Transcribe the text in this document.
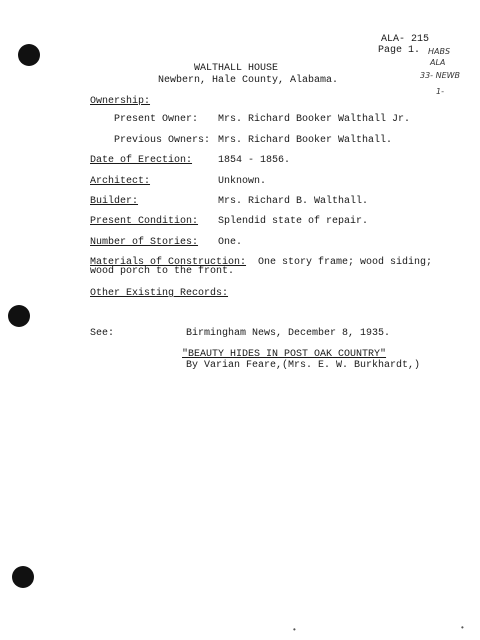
ALA- 215
Page 1. HABS
ALA
33- NEWB
1-
WALTHALL HOUSE
Newbern, Hale County, Alabama.
Ownership:
Present Owner: Mrs. Richard Booker Walthall Jr.
Previous Owners: Mrs. Richard Booker Walthall.
Date of Erection:	1854 - 1856.
Architect:	Unknown.
Builder:	Mrs. Richard B. Walthall.
Present Condition: Splendid state of repair.
Number of Stories: One.
Materials of Construction: One story frame; wood siding;
wood porch to the front.
Other Existing Records:
See:	Birmingham News, December 8, 1935.
"BEAUTY HIDES IN POST OAK COUNTRY"
By Varian Feare,(Mrs. E. W. Burkhardt,)
•	•
